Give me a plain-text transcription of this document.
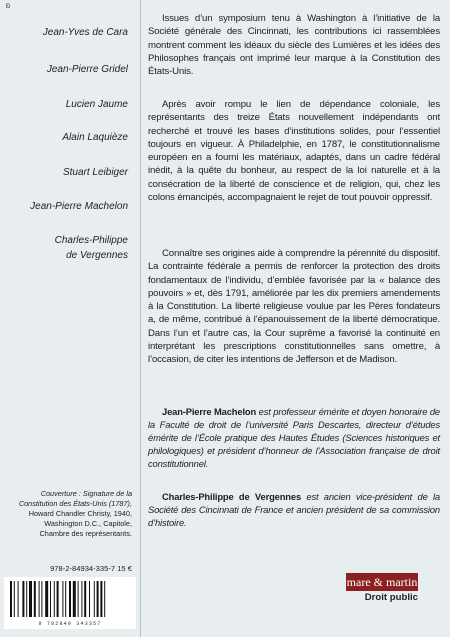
Ð
Jean-Yves de Cara
Jean-Pierre Gridel
Lucien Jaume
Alain Laquièze
Stuart Leibiger
Jean-Pierre Machelon
Charles-Philippe
de Vergennes

Issues d’un symposium tenu à Washington à l’initiative de la Société générale des Cincinnati, les contributions ici rassemblées montrent comment les idéaux du siècle des Lumières et les idées des Philosophes français ont imprimé leur marque à la Constitution des États-Unis.

Après avoir rompu le lien de dépendance coloniale, les représentants des treize États nouvellement indépendants ont recherché et trouvé les bases d’institutions solides, pour l’essentiel toujours en vigueur. À Philadelphie, en 1787, le constitutionnalisme européen en a fourni les matériaux, adaptés, dans un cadre fédéral inédit, à la quête du bonheur, au respect de la loi naturelle et à la consécration de la liberté de conscience et de religion, qui, chez les colons émancipés, accompagnaient le rejet de tout pouvoir oppressif.

Connaître ses origines aide à comprendre la pérennité du dispositif. La contrainte fédérale a permis de renforcer la protection des droits fondamentaux de l’individu, d’emblée favorisée par la « balance des pouvoirs » et, dès 1791, améliorée par les dix premiers amendements à la Constitution. La liberté religieuse voulue par les Pères fondateurs a, de même, contribué à l’épanouissement de la liberté démocratique. Dans l’un et l’autre cas, la Cour suprême a favorisé la continuité en interprétant les prescriptions constitutionnelles sans omettre, à l’occasion, de citer les intentions de Jefferson et de Madison.

Jean-Pierre Machelon est professeur émérite et doyen honoraire de la Faculté de droit de l’université Paris Descartes, directeur d’études émérite de l’École pratique des Hautes Études (Sciences historiques et philologiques) et président d’honneur de l’Association française de droit constitutionnel.

Charles-Philippe de Vergennes est ancien vice-président de la Société des Cincinnati de France et ancien président de sa commission d’histoire.

Couverture : Signature de la
Constitution des États-Unis (1787),
Howard Chandler Christy, 1940,
Washington D.C., Capitole,
Chambre des représentants.
978-2-84934-335-7 15 €
9 782849 343357
mare & martin
Droit public
